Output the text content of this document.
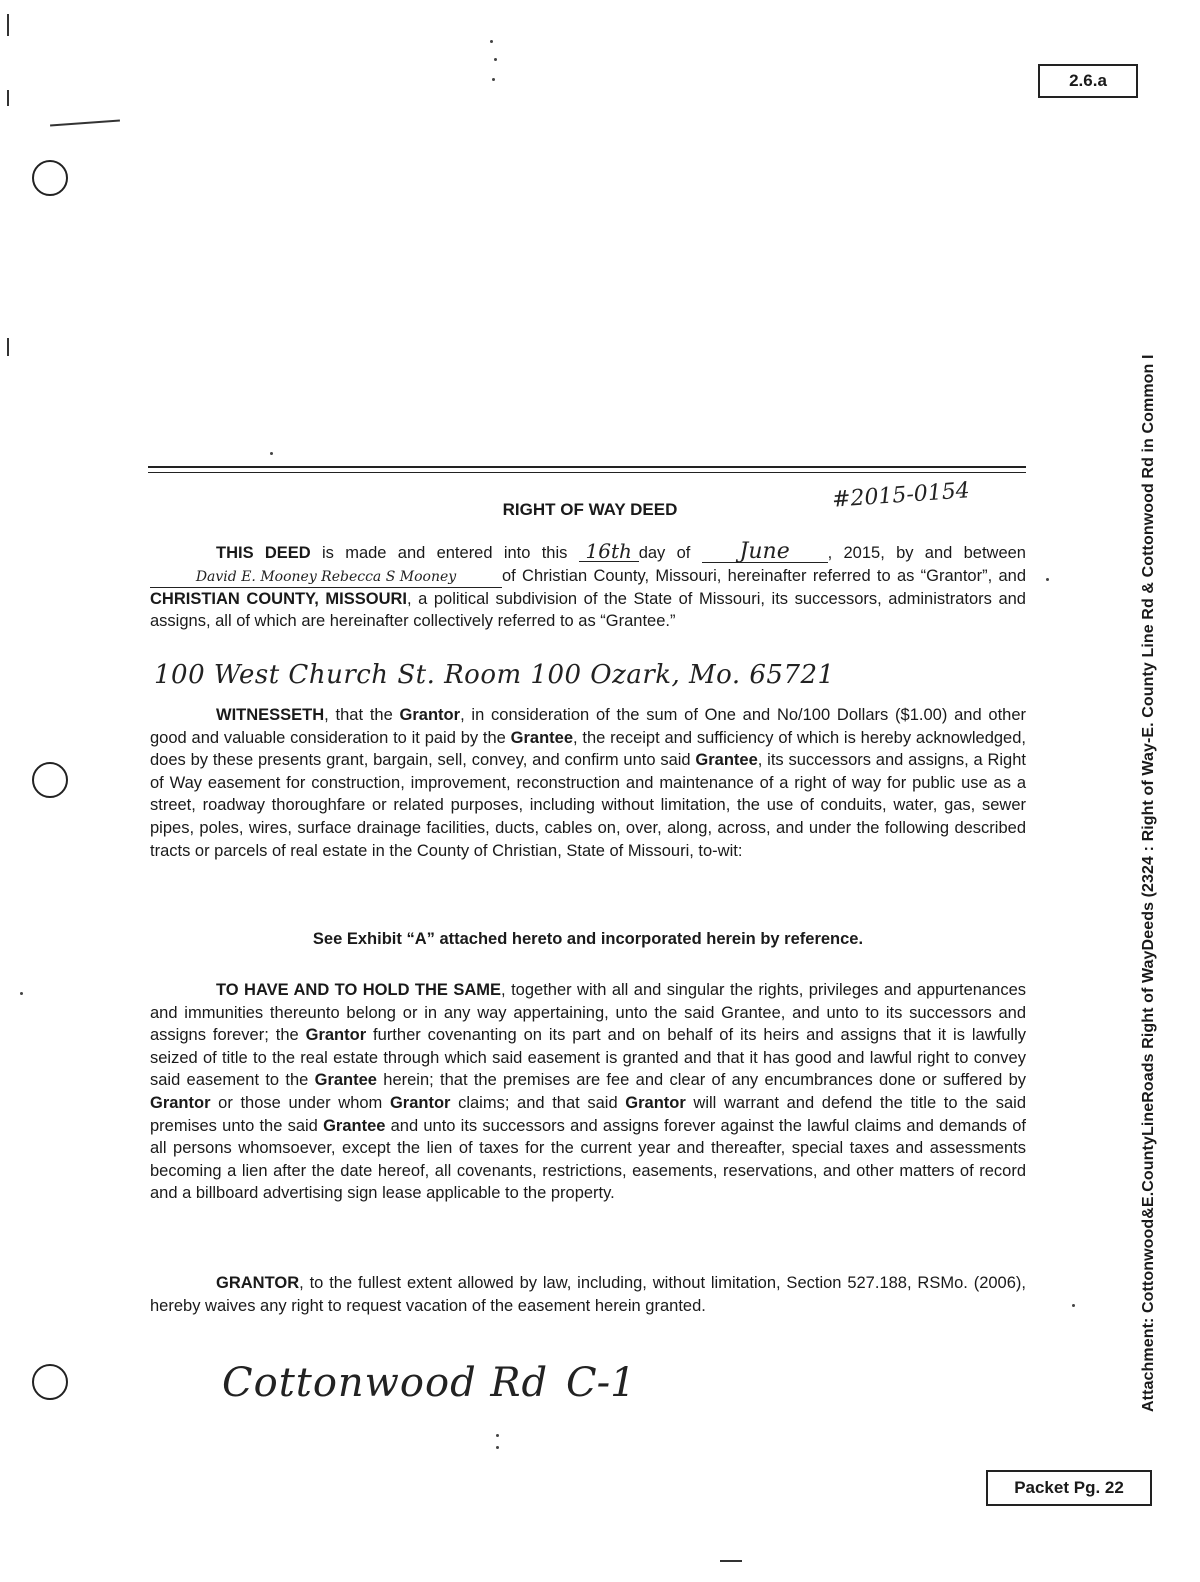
2.6.a
Attachment: Cottonwood&E.CountyLineRoads Right of WayDeeds (2324 : Right of Way-E. County Line Rd & Cottonwood Rd in Common I
RIGHT OF WAY DEED	#2015-0154
THIS DEED is made and entered into this 16th day of June , 2015, by and betweenDavid E. Mooney Rebecca S Mooney	of Christian County, Missouri, hereinafter referred to as “Grantor”, and CHRISTIAN COUNTY, MISSOURI, a political subdivision of the State of Missouri, its successors, administrators and assigns, all of which are hereinafter collectively referred to as “Grantee.”
100 West Church St. Room 100 Ozark, Mo. 65721
WITNESSETH, that the Grantor, in consideration of the sum of One and No/100 Dollars ($1.00) and other good and valuable consideration to it paid by the Grantee, the receipt and sufficiency of which is hereby acknowledged, does by these presents grant, bargain, sell, convey, and confirm unto said Grantee, its successors and assigns, a Right of Way easement for construction, improvement, reconstruction and maintenance of a right of way for public use as a street, roadway thoroughfare or related purposes, including without limitation, the use of conduits, water, gas, sewer pipes, poles, wires, surface drainage facilities, ducts, cables on, over, along, across, and under the following described tracts or parcels of real estate in the County of Christian, State of Missouri, to-wit:
See Exhibit “A” attached hereto and incorporated herein by reference.
TO HAVE AND TO HOLD THE SAME, together with all and singular the rights, privileges and appurtenances and immunities thereunto belong or in any way appertaining, unto the said Grantee, and unto to its successors and assigns forever; the Grantor further covenanting on its part and on behalf of its heirs and assigns that it is lawfully seized of title to the real estate through which said easement is granted and that it has good and lawful right to convey said easement to the Grantee herein; that the premises are fee and clear of any encumbrances done or suffered by Grantor or those under whom Grantor claims; and that said Grantor will warrant and defend the title to the said premises unto the said Grantee and unto its successors and assigns forever against the lawful claims and demands of all persons whomsoever, except the lien of taxes for the current year and thereafter, special taxes and assessments becoming a lien after the date hereof, all covenants, restrictions, easements, reservations, and other matters of record and a billboard advertising sign lease applicable to the property.
GRANTOR, to the fullest extent allowed by law, including, without limitation, Section 527.188, RSMo. (2006), hereby waives any right to request vacation of the easement herein granted.
Cottonwood Rd C-1
Packet Pg. 22
